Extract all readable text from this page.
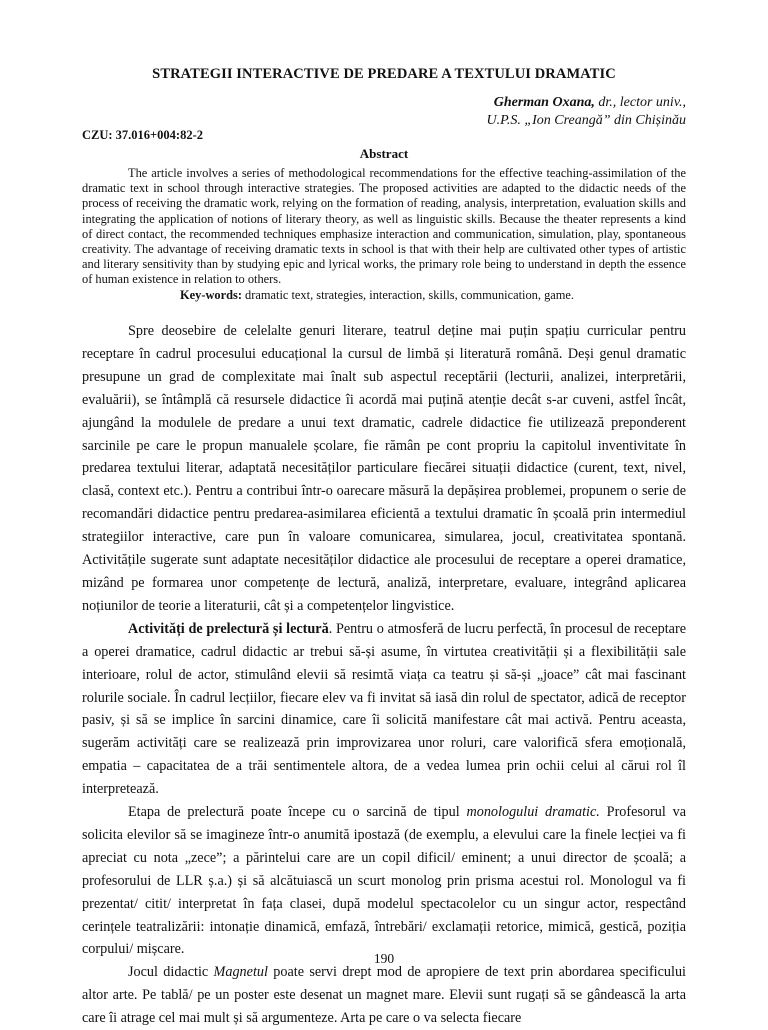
STRATEGII INTERACTIVE DE PREDARE A TEXTULUI DRAMATIC
Gherman Oxana, dr., lector univ.,
U.P.S. „Ion Creangă” din Chișinău
CZU: 37.016+004:82-2
Abstract

The article involves a series of methodological recommendations for the effective teaching-assimilation of the dramatic text in school through interactive strategies. The proposed activities are adapted to the didactic needs of the process of receiving the dramatic work, relying on the formation of reading, analysis, interpretation, evaluation skills and integrating the application of notions of literary theory, as well as linguistic skills. Because the theater represents a kind of direct contact, the recommended techniques emphasize interaction and communication, simulation, play, spontaneous creativity. The advantage of receiving dramatic texts in school is that with their help are cultivated other types of artistic and literary sensitivity than by studying epic and lyrical works, the primary role being to understand in depth the essence of human existence in relation to others.

Key-words: dramatic text, strategies, interaction, skills, communication, game.

Spre deosebire de celelalte genuri literare, teatrul deține mai puțin spațiu curricular pentru receptare în cadrul procesului educațional la cursul de limbă și literatură română. Deși genul dramatic presupune un grad de complexitate mai înalt sub aspectul receptării (lecturii, analizei, interpretării, evaluării), se întâmplă că resursele didactice îi acordă mai puțină atenție decât s-ar cuveni, astfel încât, ajungând la modulele de predare a unui text dramatic, cadrele didactice fie utilizează preponderent sarcinile pe care le propun manualele școlare, fie rămân pe cont propriu la capitolul inventivitate în predarea textului literar, adaptată necesităților particulare fiecărei situații didactice (curent, text, nivel, clasă, context etc.). Pentru a contribui într-o oarecare măsură la depășirea problemei, propunem o serie de recomandări didactice pentru predarea-asimilarea eficientă a textului dramatic în școală prin intermediul strategiilor interactive, care pun în valoare comunicarea, simularea, jocul, creativitatea spontană. Activitățile sugerate sunt adaptate necesităților didactice ale procesului de receptare a operei dramatice, mizând pe formarea unor competențe de lectură, analiză, interpretare, evaluare, integrând aplicarea noțiunilor de teorie a literaturii, cât și a competențelor lingvistice.

Activități de prelectură și lectură. Pentru o atmosferă de lucru perfectă, în procesul de receptare a operei dramatice, cadrul didactic ar trebui să-și asume, în virtutea creativității și a flexibilității sale interioare, rolul de actor, stimulând elevii să resimtă viața ca teatru și să-și „joace” cât mai fascinant rolurile sociale. În cadrul lecțiilor, fiecare elev va fi invitat să iasă din rolul de spectator, adică de receptor pasiv, și să se implice în sarcini dinamice, care îi solicită manifestare cât mai activă. Pentru aceasta, sugerăm activități care se realizează prin improvizarea unor roluri, care valorifică sfera emoțională, empatia – capacitatea de a trăi sentimentele altora, de a vedea lumea prin ochii celui al cărui rol îl interpretează.

Etapa de prelectură poate începe cu o sarcină de tipul monologului dramatic. Profesorul va solicita elevilor să se imagineze într-o anumită ipostază (de exemplu, a elevului care la finele lecției va fi apreciat cu nota „zece”; a părintelui care are un copil dificil/ eminent; a unui director de școală; a profesorului de LLR ș.a.) și să alcătuiască un scurt monolog prin prisma acestui rol. Monologul va fi prezentat/ citit/ interpretat în fața clasei, după modelul spectacolelor cu un singur actor, respectând cerințele teatralizării: intonație dinamică, emfază, întrebări/ exclamații retorice, mimică, gestică, poziția corpului/ mișcare.

Jocul didactic Magnetul poate servi drept mod de apropiere de text prin abordarea specificului altor arte. Pe tablă/ pe un poster este desenat un magnet mare. Elevii sunt rugați să se gândească la arta care îi atrage cel mai mult și să argumenteze. Arta pe care o va selecta fiecare

190
